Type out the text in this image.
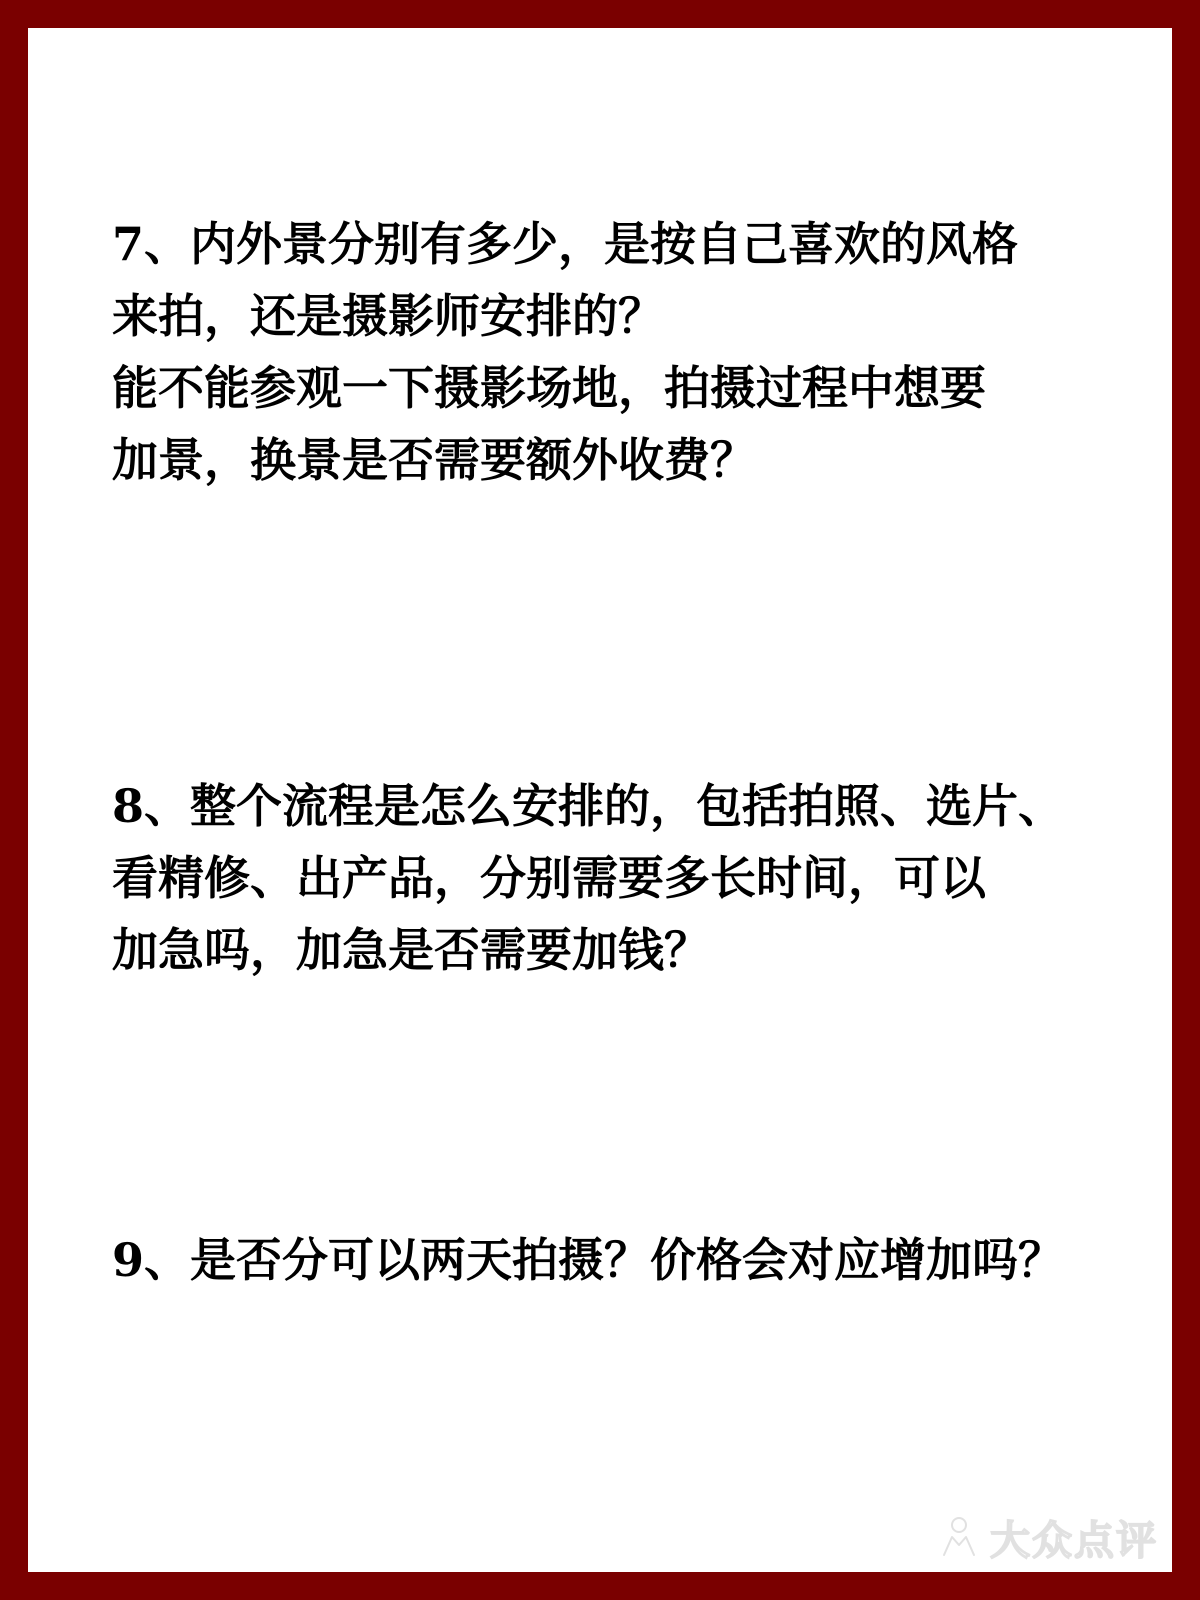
7、内外景分别有多少，是按自己喜欢的风格
来拍，还是摄影师安排的？
能不能参观一下摄影场地，拍摄过程中想要
加景，换景是否需要额外收费？
8、整个流程是怎么安排的，包括拍照、选片、
看精修、出产品，分别需要多长时间，可以
加急吗，加急是否需要加钱？
9、是否分可以两天拍摄？价格会对应增加吗？
大众点评
